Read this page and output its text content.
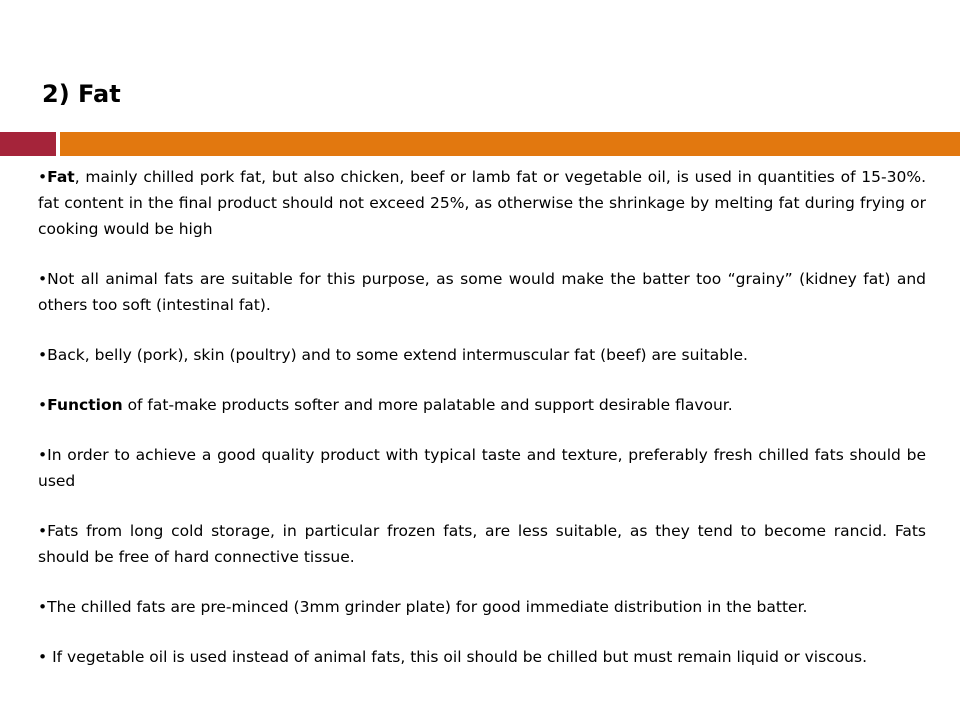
2) Fat

•Fat, mainly chilled pork fat, but also chicken, beef or lamb fat or vegetable oil, is used in quantities of 15-30%. fat content in the final product should not exceed 25%, as otherwise the shrinkage by melting fat during frying or cooking would be high

•Not all animal fats are suitable for this purpose, as some would make the batter too “grainy” (kidney fat) and others too soft (intestinal fat).

•Back, belly (pork), skin (poultry) and to some extend intermuscular fat (beef) are suitable.

•Function of fat-make products softer and more palatable and support desirable flavour.

•In order to achieve a good quality product with typical taste and texture, preferably fresh chilled fats should be used

•Fats from long cold storage, in particular frozen fats, are less suitable, as they tend to become rancid. Fats should be free of hard connective tissue.

•The chilled fats are pre-minced (3mm grinder plate) for good immediate distribution in the batter.

• If vegetable oil is used instead of animal fats, this oil should be chilled but must remain liquid or viscous.
